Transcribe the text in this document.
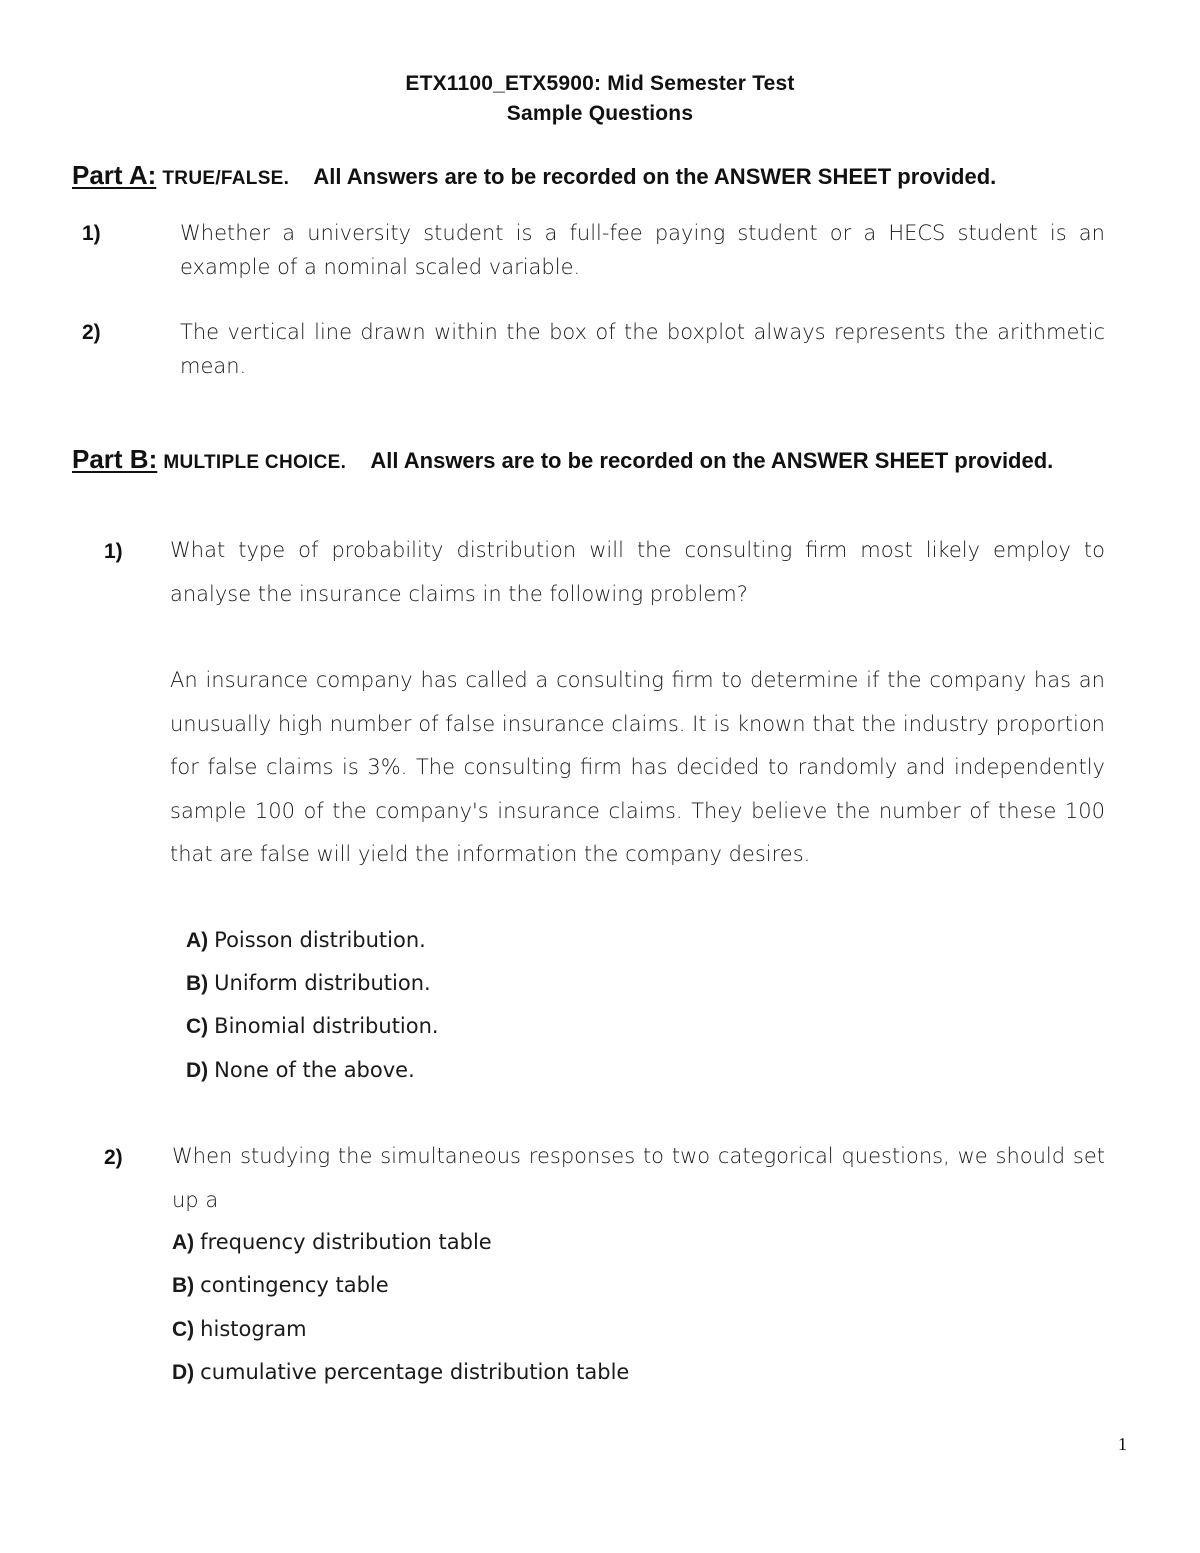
ETX1100_ETX5900: Mid Semester Test
Sample Questions
Part A: TRUE/FALSE. All Answers are to be recorded on the ANSWER SHEET provided.
1)	Whether a university student is a full-fee paying student or a HECS student is an example of a nominal scaled variable.
2)	The vertical line drawn within the box of the boxplot always represents the arithmetic mean.
Part B: MULTIPLE CHOICE. All Answers are to be recorded on the ANSWER SHEET provided.
1) What type of probability distribution will the consulting firm most likely employ to analyse the insurance claims in the following problem?
An insurance company has called a consulting firm to determine if the company has an unusually high number of false insurance claims. It is known that the industry proportion for false claims is 3%. The consulting firm has decided to randomly and independently sample 100 of the company's insurance claims. They believe the number of these 100 that are false will yield the information the company desires.
A) Poisson distribution.
B) Uniform distribution.
C) Binomial distribution.
D) None of the above.
2) When studying the simultaneous responses to two categorical questions, we should set up a
A) frequency distribution table
B) contingency table
C) histogram
D) cumulative percentage distribution table
1
